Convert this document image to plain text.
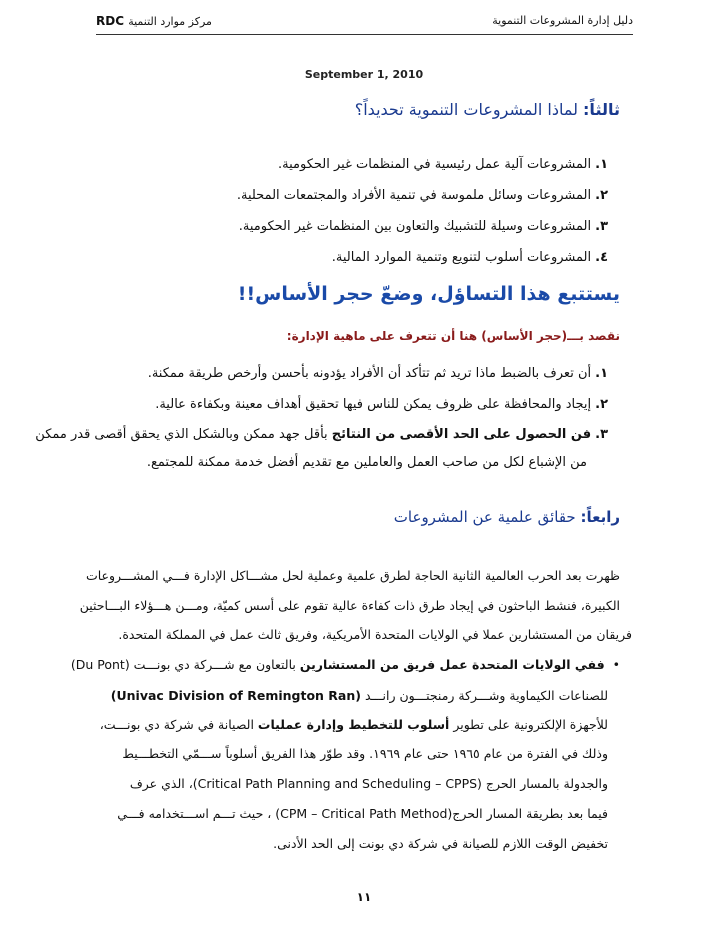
RDC مركز موارد التنمية	دليل إدارة المشروعات التنموية
September 1, 2010
ثالثاً: لماذا المشروعات التنموية تحديداً؟
١.المشروعات آلية عمل رئيسية في المنظمات غير الحكومية.
٢.المشروعات وسائل ملموسة في تنمية الأفراد والمجتمعات المحلية.
٣.المشروعات وسيلة للتشبيك والتعاون بين المنظمات غير الحكومية.
٤.المشروعات أسلوب لتنويع وتنمية الموارد المالية.
يستتبع هذا التساؤل، وضعّ حجر الأساس!!
نقصد بـــ(حجر الأساس) هنا أن تتعرف على ماهية الإدارة:
١.أن تعرف بالضبط ماذا تريد ثم تتأكد أن الأفراد يؤدونه بأحسن وأرخص طريقة ممكنة.
٢.إيجاد والمحافظة على ظروف يمكن للناس فيها تحقيق أهداف معينة وبكفاءة عالية.
٣.فن الحصول على الحد الأقصى من النتائج بأقل جهد ممكن وبالشكل الذي يحقق أقصى قدر ممكن
من الإشباع لكل من صاحب العمل والعاملين مع تقديم أفضل خدمة ممكنة للمجتمع.
رابعاً: حقائق علمية عن المشروعات
ظهرت بعد الحرب العالمية الثانية الحاجة لطرق علمية وعملية لحل مشـــاكل الإدارة فـــي المشـــروعات
الكبيرة، فنشط الباحثون في إيجاد طرق ذات كفاءة عالية تقوم على أسس كميّة، ومـــن هـــؤلاء البـــاحثين
فريقان من المستشارين عملا في الولايات المتحدة الأمريكية، وفريق ثالث عمل في المملكة المتحدة.
•  ففي الولايات المتحدة عمل فريق من المستشارين بالتعاون مع شـــركة دي بونـــت (Du Pont)
للصناعات الكيماوية وشـــركة رمنجتـــون رانـــد (Univac Division of Remington Ran)
للأجهزة الإلكترونية على تطوير أسلوب للتخطيط وإدارة عمليات الصيانة في شركة دي بونـــت،
وذلك في الفترة من عام ١٩٦٥ حتى عام ١٩٦٩. وقد طوّر هذا الفريق أسلوباً ســـمّي التخطـــيط
والجدولة بالمسار الحرج (Critical Path Planning and Scheduling – CPPS)، الذي عرف
فيما بعد بطريقة المسار الحرج(CPM – Critical Path Method) ، حيث تـــم اســـتخدامه فـــي
تخفيض الوقت اللازم للصيانة في شركة دي بونت إلى الحد الأدنى.
١١
